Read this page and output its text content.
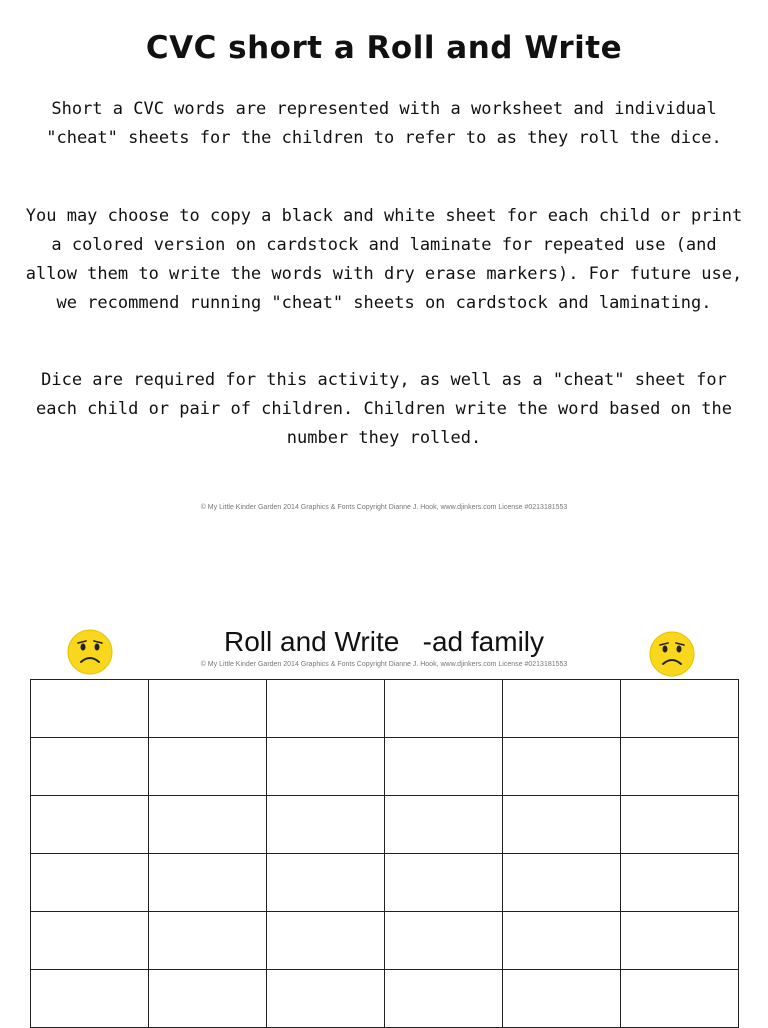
CVC short a Roll and Write

Short a CVC words are represented with a worksheet and individual "cheat" sheets for the children to refer to as they roll the dice.

You may choose to copy a black and white sheet for each child or print a colored version on cardstock and laminate for repeated use (and allow them to write the words with dry erase markers). For future use, we recommend running "cheat" sheets on cardstock and laminating.

Dice are required for this activity, as well as a "cheat" sheet for each child or pair of children. Children write the word based on the number they rolled.

© My Little Kinder Garden 2014 Graphics & Fonts Copyright Dianne J. Hook, www.djinkers.com License #0213181553

Roll and Write   -ad family

© My Little Kinder Garden 2014 Graphics & Fonts Copyright Dianne J. Hook, www.djinkers.com License #0213181553
